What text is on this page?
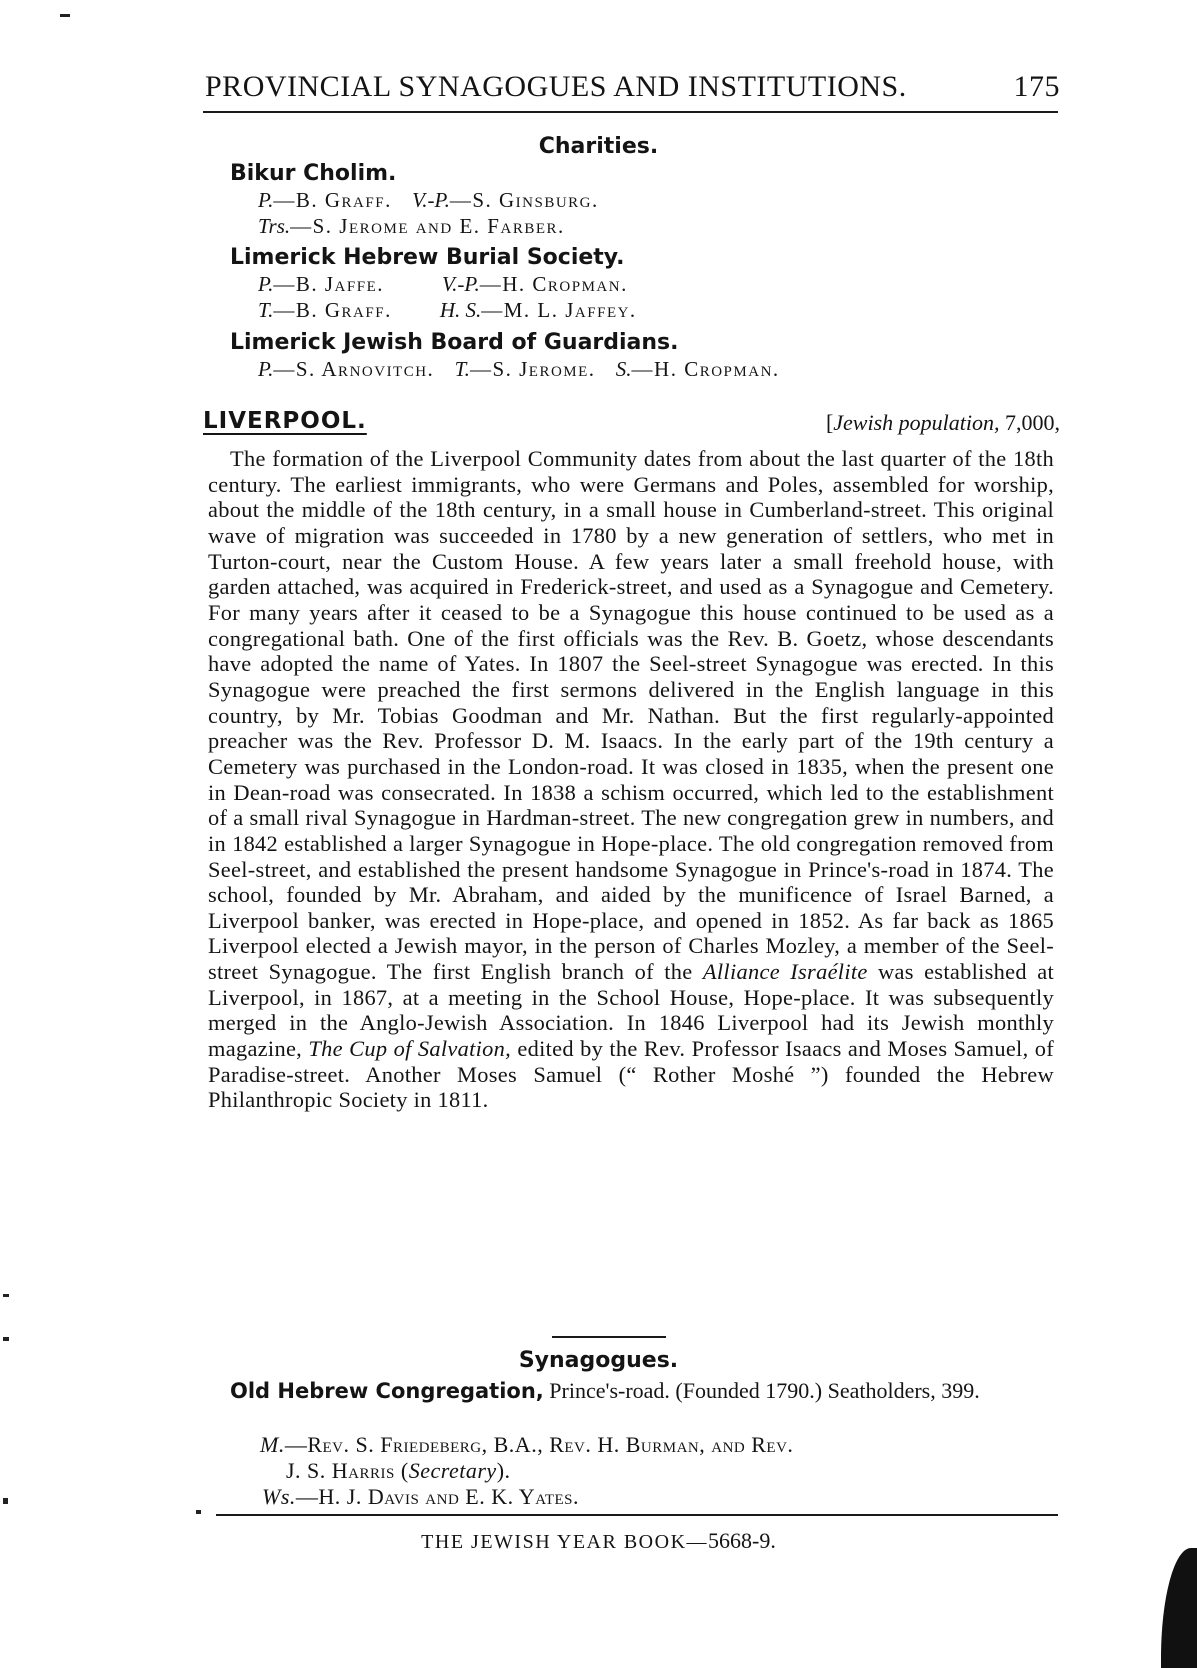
PROVINCIAL SYNAGOGUES AND INSTITUTIONS.	175
Charities.
Bikur Cholim.
P.—B. Graff. V.-P.—S. Ginsburg.
Trs.—S. Jerome and E. Farber.
Limerick Hebrew Burial Society.
P.—B. Jaffe.	V.-P.—H. Cropman.
T.—B. Graff. H. S.—M. L. Jaffey.
Limerick Jewish Board of Guardians.
P.—S. Arnovitch. T.—S. Jerome. S.—H. Cropman.
LIVERPOOL.	[Jewish population, 7,000,
The formation of the Liverpool Community dates from about the last quarter of the 18th century. The earliest immigrants, who were Germans and Poles, assembled for worship, about the middle of the 18th century, in a small house in Cumberland-street. This original wave of migration was succeeded in 1780 by a new generation of settlers, who met in Turton-court, near the Custom House. A few years later a small freehold house, with garden attached, was acquired in Frederick-street, and used as a Synagogue and Cemetery. For many years after it ceased to be a Synagogue this house continued to be used as a congregational bath. One of the first officials was the Rev. B. Goetz, whose descendants have adopted the name of Yates. In 1807 the Seel-street Synagogue was erected. In this Synagogue were preached the first sermons delivered in the English language in this country, by Mr. Tobias Goodman and Mr. Nathan. But the first regularly-appointed preacher was the Rev. Professor D. M. Isaacs. In the early part of the 19th century a Cemetery was purchased in the London-road. It was closed in 1835, when the present one in Dean-road was consecrated. In 1838 a schism occurred, which led to the establishment of a small rival Synagogue in Hardman-street. The new congregation grew in numbers, and in 1842 established a larger Synagogue in Hope-place. The old congregation removed from Seel-street, and established the present handsome Synagogue in Prince's-road in 1874. The school, founded by Mr. Abraham, and aided by the munificence of Israel Barned, a Liverpool banker, was erected in Hope-place, and opened in 1852. As far back as 1865 Liverpool elected a Jewish mayor, in the person of Charles Mozley, a member of the Seel-street Synagogue. The first English branch of the Alliance Israélite was established at Liverpool, in 1867, at a meeting in the School House, Hope-place. It was subsequently merged in the Anglo-Jewish Association. In 1846 Liverpool had its Jewish monthly magazine, The Cup of Salvation, edited by the Rev. Professor Isaacs and Moses Samuel, of Paradise-street. Another Moses Samuel (“ Rother Moshé ”) founded the Hebrew Philanthropic Society in 1811.
Synagogues.
Old Hebrew Congregation, Prince's-road. (Founded 1790.) Seatholders, 399.
M.—Rev. S. Friedeberg, B.A., Rev. H. Burman, and Rev.
J. S. Harris (Secretary).
Ws.—H. J. Davis and E. K. Yates.
THE JEWISH YEAR BOOK—5668-9.
